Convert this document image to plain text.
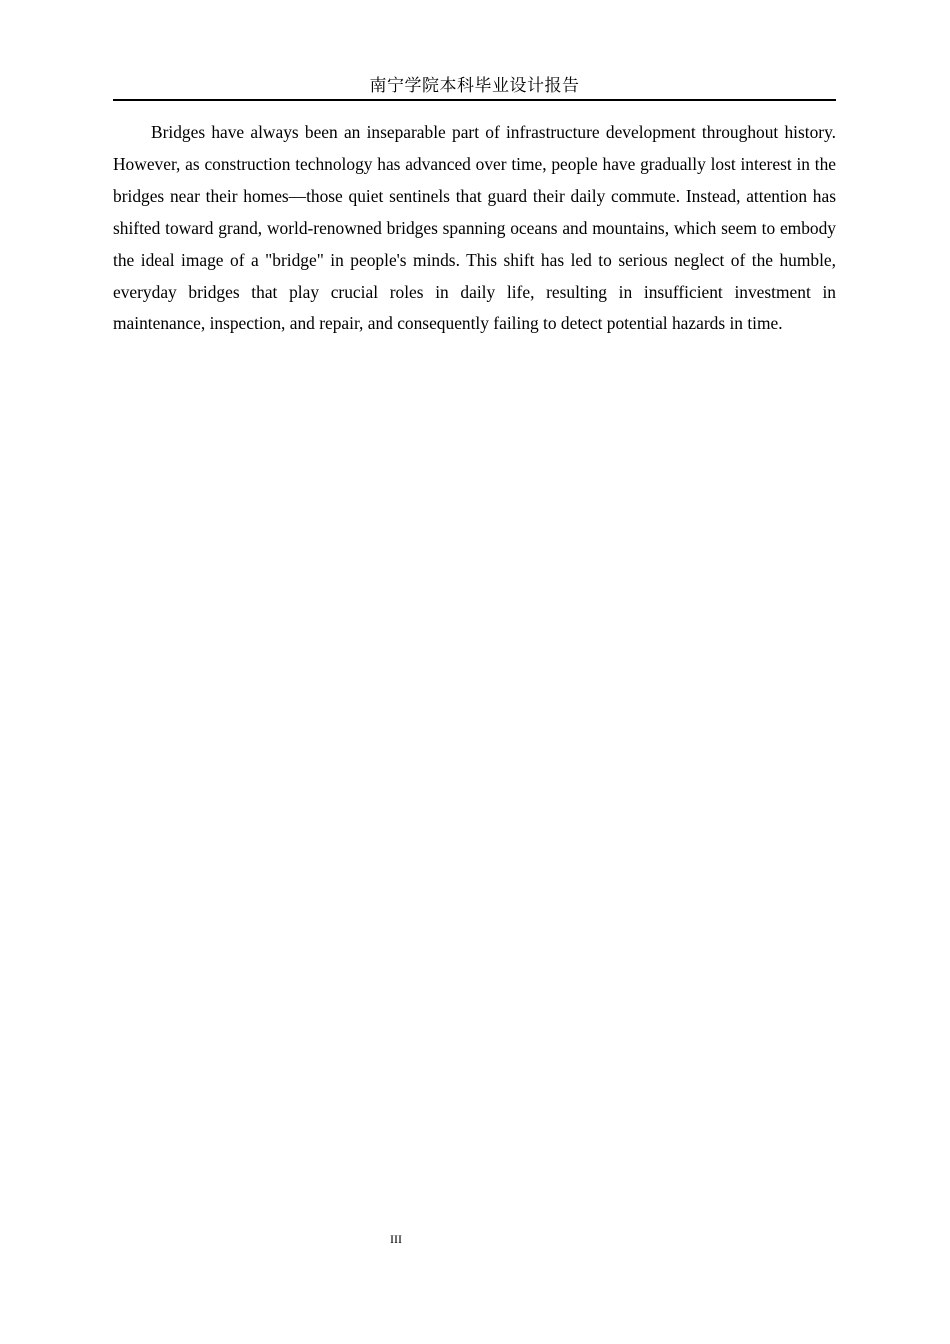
南宁学院本科毕业设计报告

Bridges have always been an inseparable part of infrastructure development throughout history. However, as construction technology has advanced over time, people have gradually lost interest in the bridges near their homes—those quiet sentinels that guard their daily commute. Instead, attention has shifted toward grand, world-renowned bridges spanning oceans and mountains, which seem to embody the ideal image of a "bridge" in people's minds. This shift has led to serious neglect of the humble, everyday bridges that play crucial roles in daily life, resulting in insufficient investment in maintenance, inspection, and repair, and consequently failing to detect potential hazards in time.

III
